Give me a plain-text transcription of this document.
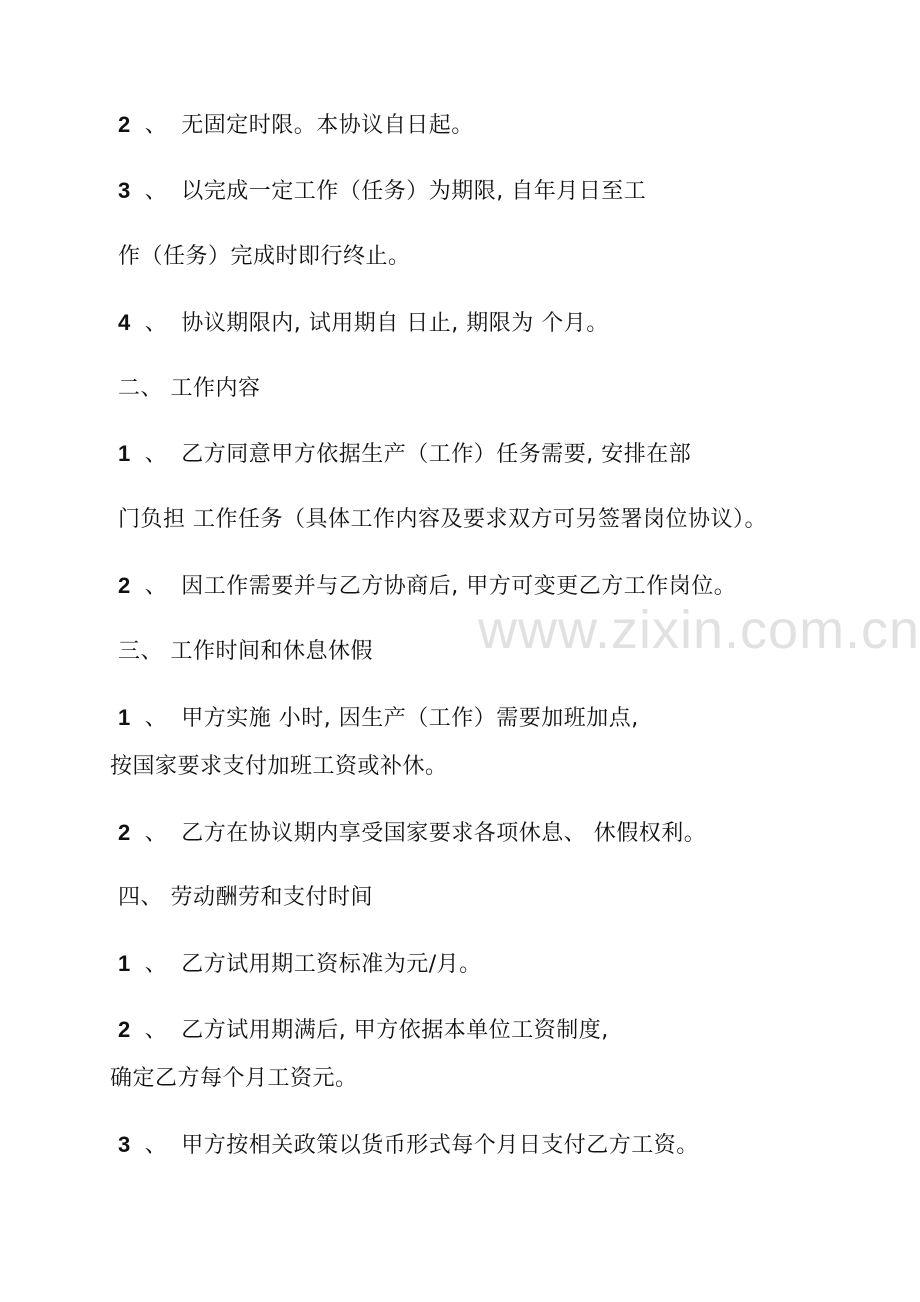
www.zixin.com.cn
2 、 无固定时限。本协议自日起。
3 、 以完成一定工作（任务）为期限, 自年月日至工
作（任务）完成时即行终止。
4 、 协议期限内, 试用期自 日止, 期限为 个月。
二、 工作内容
1 、 乙方同意甲方依据生产（工作）任务需要, 安排在部
门负担 工作任务（具体工作内容及要求双方可另签署岗位协议）。
2 、 因工作需要并与乙方协商后, 甲方可变更乙方工作岗位。
三、 工作时间和休息休假
1 、 甲方实施 小时, 因生产（工作）需要加班加点,
按国家要求支付加班工资或补休。
2 、 乙方在协议期内享受国家要求各项休息、 休假权利。
四、 劳动酬劳和支付时间
1 、 乙方试用期工资标准为元/月。
2 、 乙方试用期满后, 甲方依据本单位工资制度,
确定乙方每个月工资元。
3 、 甲方按相关政策以货币形式每个月日支付乙方工资。
